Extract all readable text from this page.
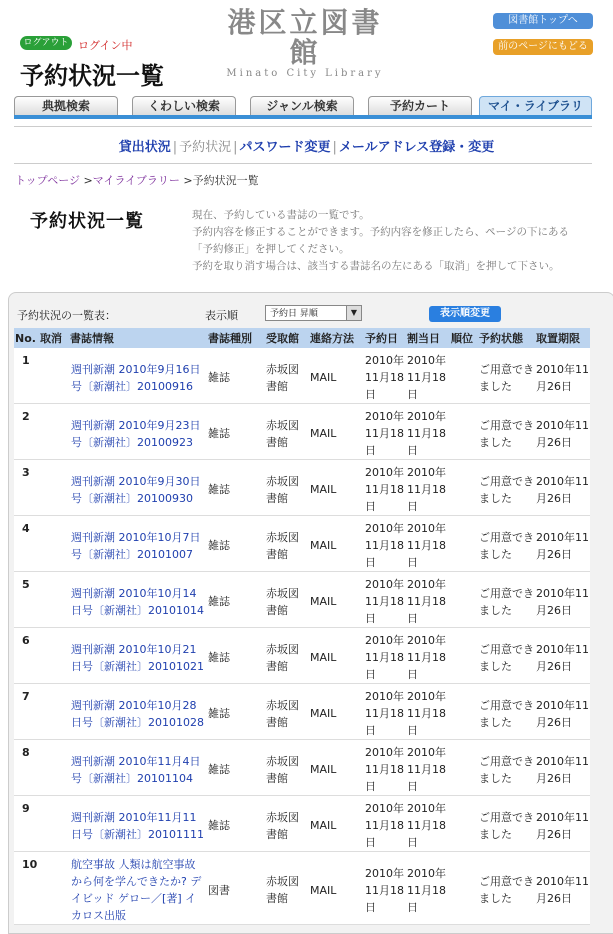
港区立図書館
Minato City Library
ログアウト ログイン中
予約状況一覧
図書館トップへ
前のページにもどる
典拠検索	くわしい検索	ジャンル検索	予約カート	マイ・ライブラリ
貸出状況 | 予約状況 | パスワード変更 | メールアドレス登録・変更
トップページ >マイライブラリー >予約状況一覧
予約状況一覧	現在、予約している書誌の一覧です。
予約内容を修正することができます。予約内容を修正したら、ページの下にある「予約修正」を押してください。
予約を取り消す場合は、該当する書誌名の左にある「取消」を押して下さい。
予約状況の一覧表：	表示順	予約日 昇順	▼	表示順変更
No.	取消	書誌情報	書誌種別	受取館	連絡方法	予約日	割当日	順位	予約状態	取置期限
1		週刊新潮 2010年9月16日号〔新潮社〕20100916	雑誌	赤坂図書館	MAIL	2010年11月18日	2010年11月18日		ご用意できました	2010年11月26日
2		週刊新潮 2010年9月23日号〔新潮社〕20100923	雑誌	赤坂図書館	MAIL	2010年11月18日	2010年11月18日		ご用意できました	2010年11月26日
3		週刊新潮 2010年9月30日号〔新潮社〕20100930	雑誌	赤坂図書館	MAIL	2010年11月18日	2010年11月18日		ご用意できました	2010年11月26日
4		週刊新潮 2010年10月7日号〔新潮社〕20101007	雑誌	赤坂図書館	MAIL	2010年11月18日	2010年11月18日		ご用意できました	2010年11月26日
5		週刊新潮 2010年10月14日号〔新潮社〕20101014	雑誌	赤坂図書館	MAIL	2010年11月18日	2010年11月18日		ご用意できました	2010年11月26日
6		週刊新潮 2010年10月21日号〔新潮社〕20101021	雑誌	赤坂図書館	MAIL	2010年11月18日	2010年11月18日		ご用意できました	2010年11月26日
7		週刊新潮 2010年10月28日号〔新潮社〕20101028	雑誌	赤坂図書館	MAIL	2010年11月18日	2010年11月18日		ご用意できました	2010年11月26日
8		週刊新潮 2010年11月4日号〔新潮社〕20101104	雑誌	赤坂図書館	MAIL	2010年11月18日	2010年11月18日		ご用意できました	2010年11月26日
9		週刊新潮 2010年11月11日号〔新潮社〕20101111	雑誌	赤坂図書館	MAIL	2010年11月18日	2010年11月18日		ご用意できました	2010年11月26日
10		航空事故 人類は航空事故から何を学んできたか? デイビッド ゲロー／[著] イカロス出版	図書	赤坂図書館	MAIL	2010年11月18日	2010年11月18日		ご用意できました	2010年11月26日
